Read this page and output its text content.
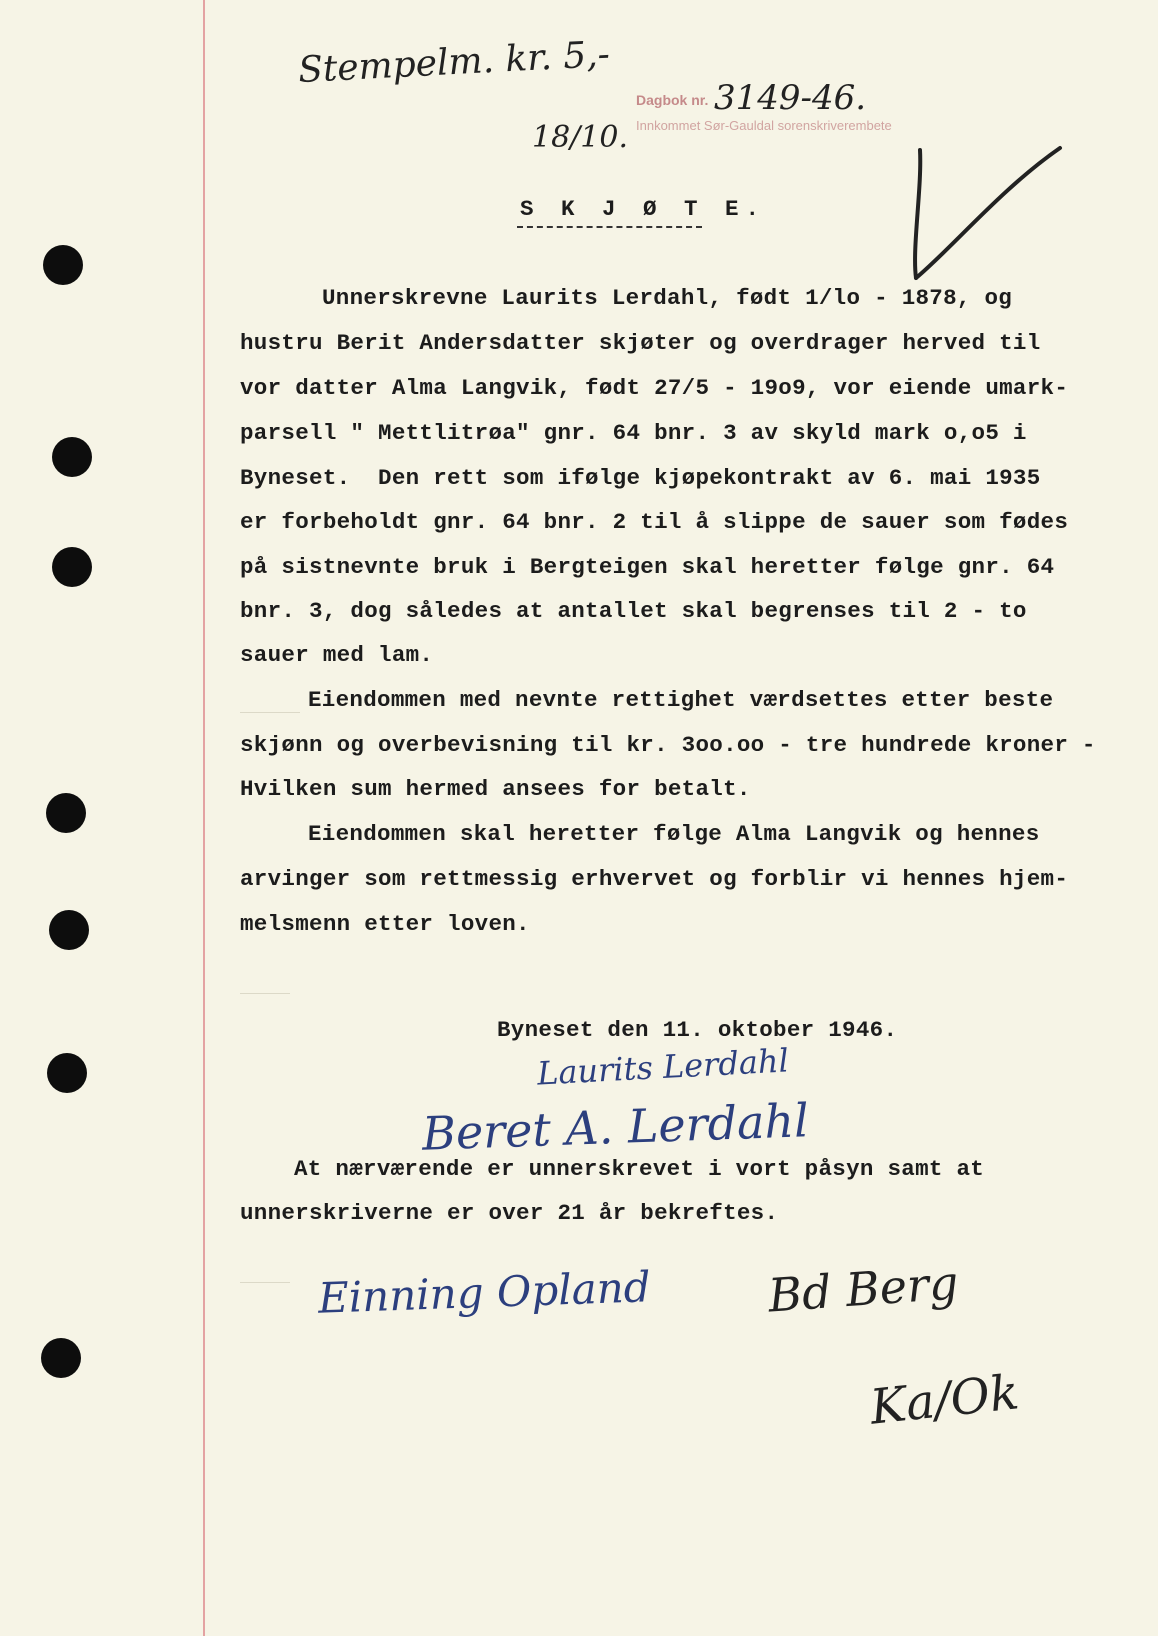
Stempelm. kr. 5,-

18/10.

Dagbok nr. 3149-46.

Innkommet Sør-Gauldal sorenskriverembete

S K J Ø T E.

Unnerskrevne Laurits Lerdahl, født 1/lo - 1878, og

hustru Berit Andersdatter skjøter og overdrager herved til

vor datter Alma Langvik, født 27/5 - 19o9, vor eiende umark-

parsell " Mettlitrøa" gnr. 64 bnr. 3 av skyld mark o,o5 i

Byneset.  Den rett som ifølge kjøpekontrakt av 6. mai 1935

er forbeholdt gnr. 64 bnr. 2 til å slippe de sauer som fødes

på sistnevnte bruk i Bergteigen skal heretter følge gnr. 64

bnr. 3, dog således at antallet skal begrenses til 2 - to

sauer med lam.

Eiendommen med nevnte rettighet værdsettes etter beste

skjønn og overbevisning til kr. 3oo.oo - tre hundrede kroner -

Hvilken sum hermed ansees for betalt.

Eiendommen skal heretter følge Alma Langvik og hennes

arvinger som rettmessig erhvervet og forblir vi hennes hjem-

melsmenn etter loven.

Byneset den 11. oktober 1946.

Laurits Lerdahl

Beret A. Lerdahl

At nærværende er unnerskrevet i vort påsyn samt at

unnerskriverne er over 21 år bekreftes.

Einning Opland Bd Berg

Ka/Ok
